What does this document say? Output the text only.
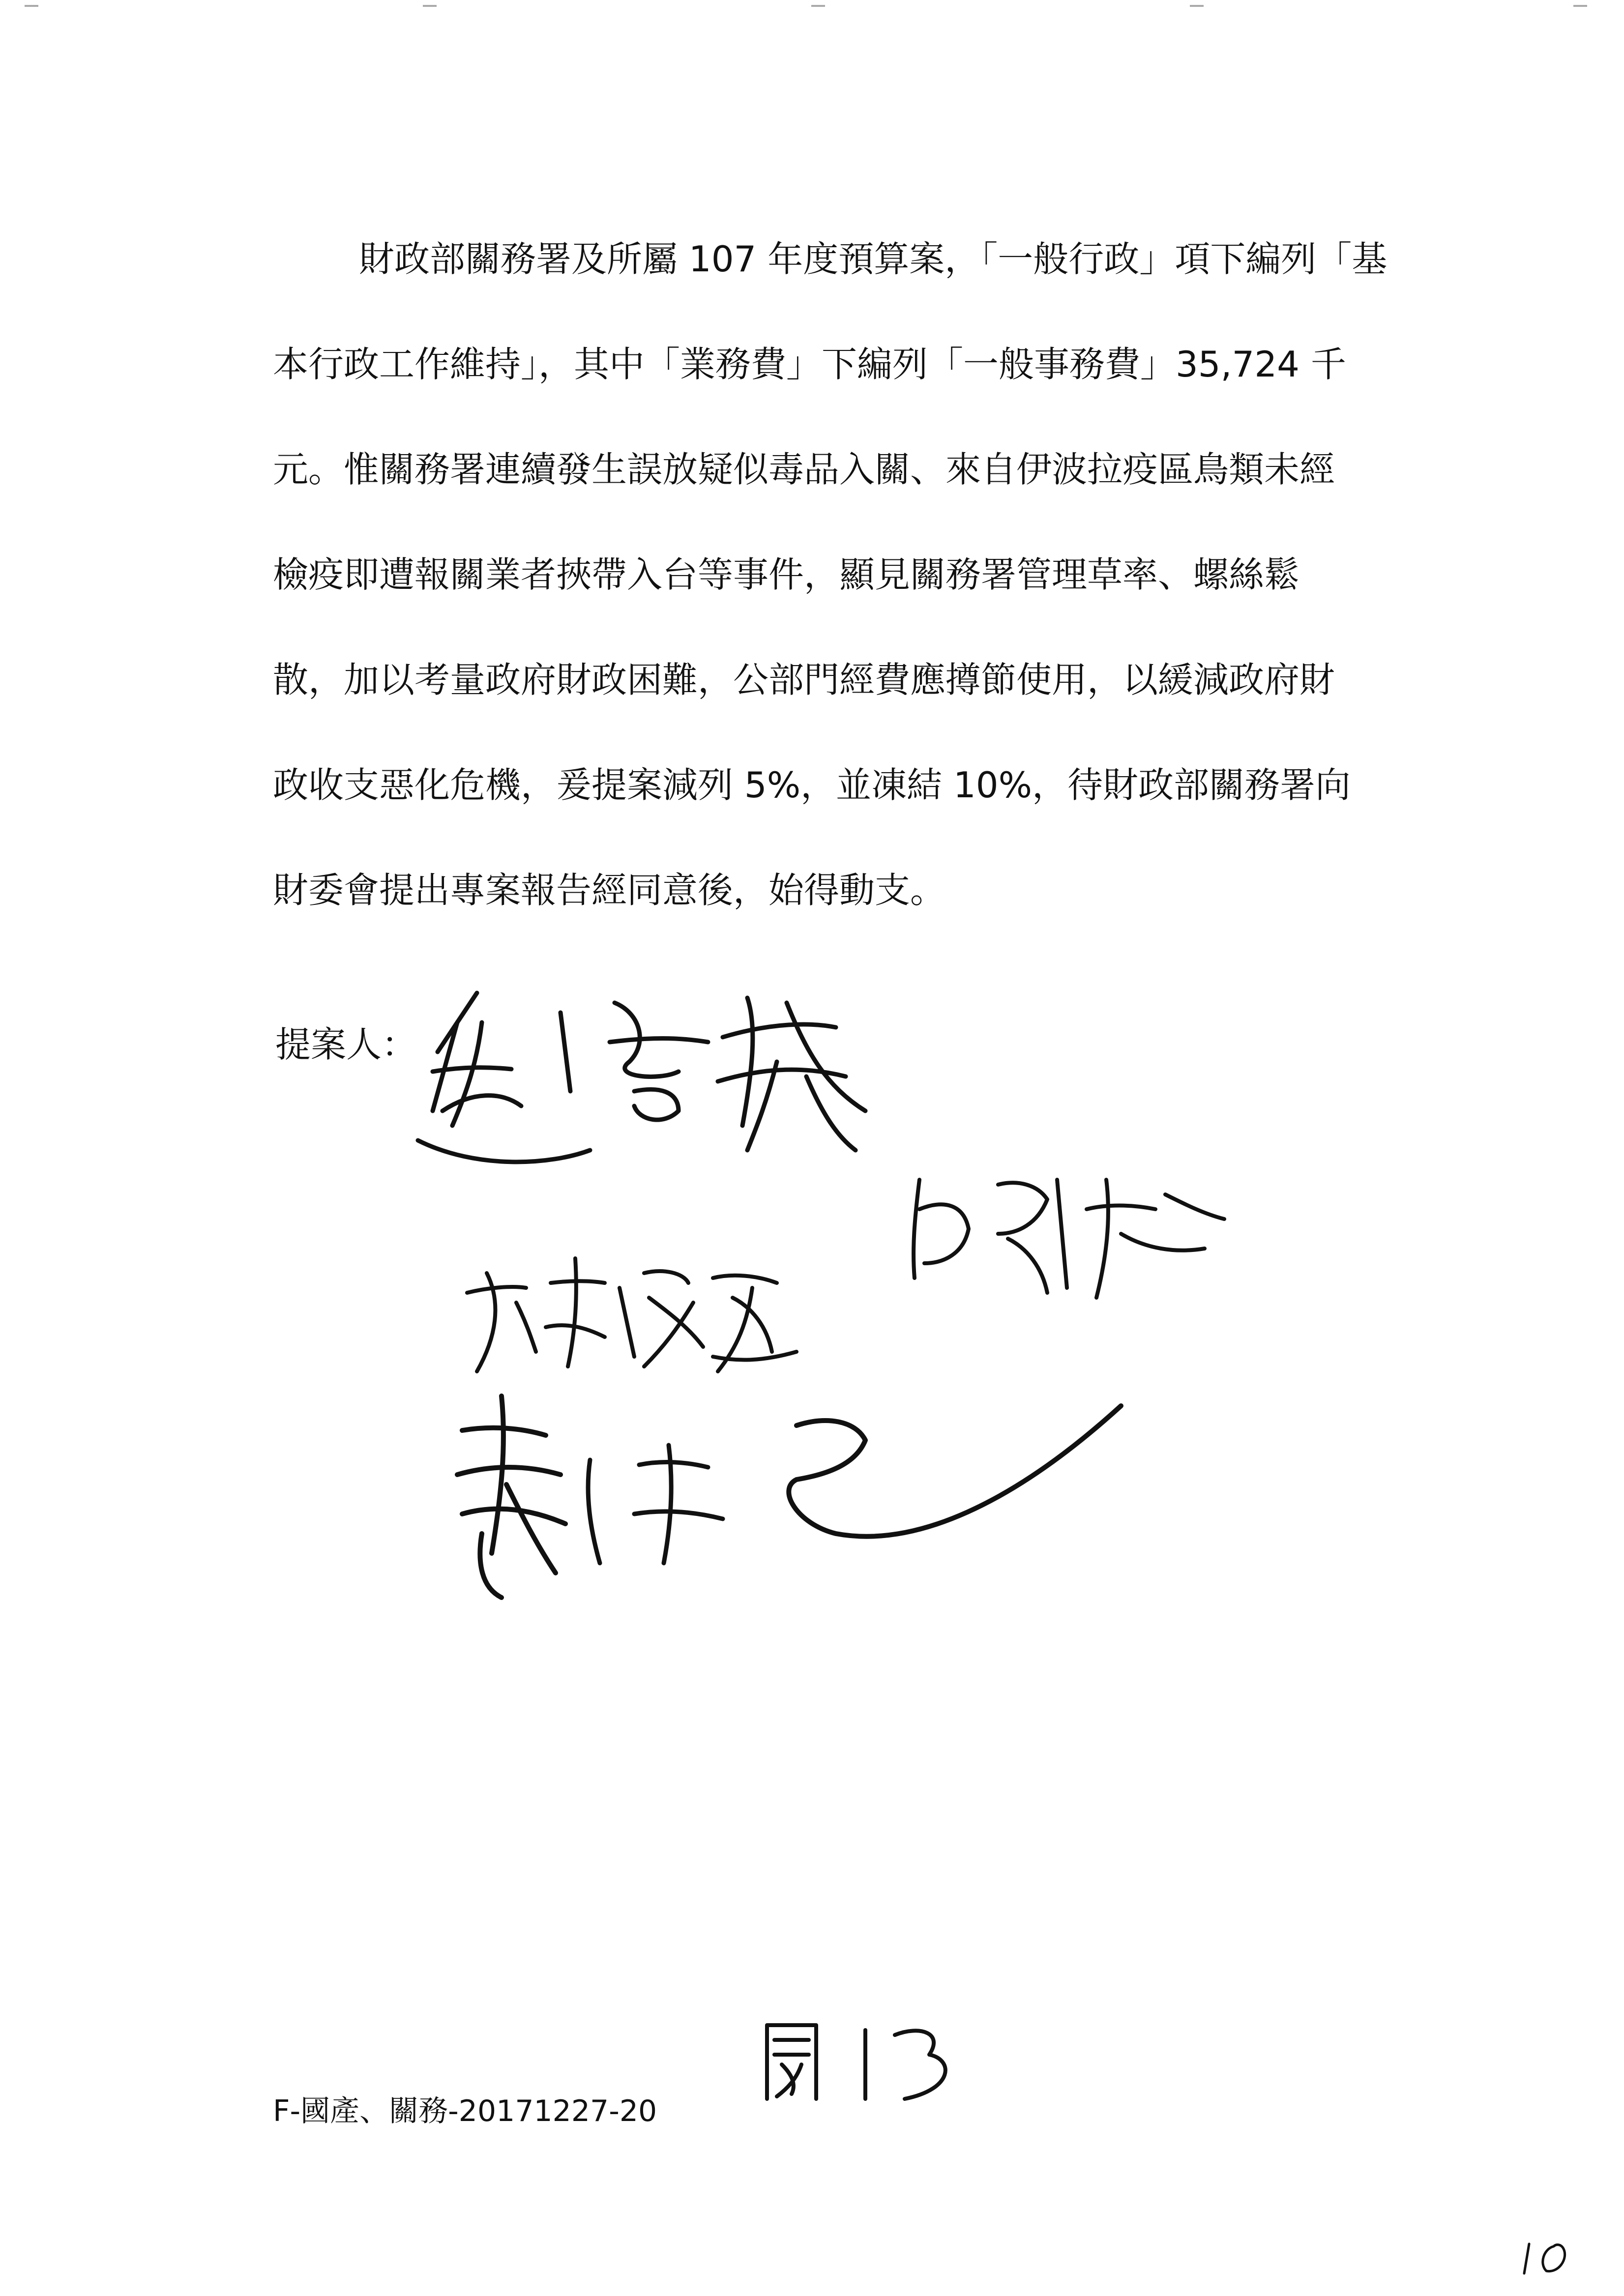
財政部關務署及所屬 107 年度預算案，「一般行政」項下編列「基
本行政工作維持」，其中「業務費」下編列「一般事務費」35,724 千
元。惟關務署連續發生誤放疑似毒品入關、來自伊波拉疫區鳥類未經
檢疫即遭報關業者挾帶入台等事件，顯見關務署管理草率、螺絲鬆
散，加以考量政府財政困難，公部門經費應撙節使用，以緩減政府財
政收支惡化危機，爰提案減列 5%，並凍結 10%，待財政部關務署向
財委會提出專案報告經同意後，始得動支。
提案人：
F-國產、關務-20171227-20
